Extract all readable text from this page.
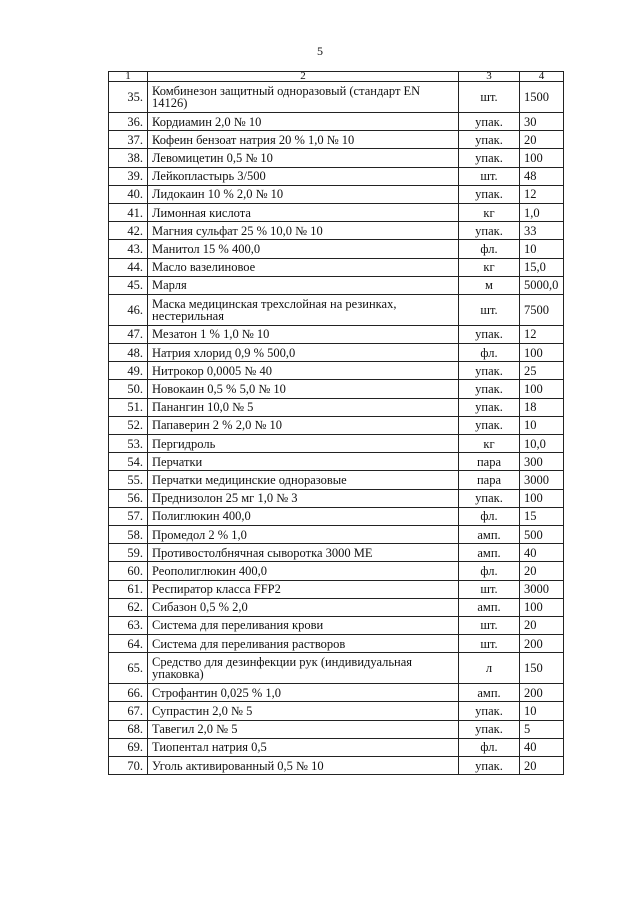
5
1	2	3	4
35.	Комбинезон защитный одноразовый (стандарт EN 14126)	шт.	1500
36.	Кордиамин 2,0 № 10	упак.	30
37.	Кофеин бензоат натрия 20 % 1,0 № 10	упак.	20
38.	Левомицетин 0,5 № 10	упак.	100
39.	Лейкопластырь 3/500	шт.	48
40.	Лидокаин 10 % 2,0 № 10	упак.	12
41.	Лимонная кислота	кг	1,0
42.	Магния сульфат 25 % 10,0 № 10	упак.	33
43.	Манитол 15 % 400,0	фл.	10
44.	Масло вазелиновое	кг	15,0
45.	Марля	м	5000,0
46.	Маска медицинская трехслойная на резинках, нестерильная	шт.	7500
47.	Мезатон 1 % 1,0 № 10	упак.	12
48.	Натрия хлорид 0,9 % 500,0	фл.	100
49.	Нитрокор 0,0005 № 40	упак.	25
50.	Новокаин 0,5 % 5,0 № 10	упак.	100
51.	Панангин 10,0 № 5	упак.	18
52.	Папаверин 2 % 2,0 № 10	упак.	10
53.	Пергидроль	кг	10,0
54.	Перчатки	пара	300
55.	Перчатки медицинские одноразовые	пара	3000
56.	Преднизолон 25 мг 1,0 № 3	упак.	100
57.	Полиглюкин 400,0	фл.	15
58.	Промедол 2 % 1,0	амп.	500
59.	Противостолбнячная сыворотка 3000 МЕ	амп.	40
60.	Реополиглюкин 400,0	фл.	20
61.	Респиратор класса FFP2	шт.	3000
62.	Сибазон 0,5 % 2,0	амп.	100
63.	Система для переливания крови	шт.	20
64.	Система для переливания растворов	шт.	200
65.	Средство для дезинфекции рук (индивидуальная упаковка)	л	150
66.	Строфантин 0,025 % 1,0	амп.	200
67.	Супрастин 2,0 № 5	упак.	10
68.	Тавегил 2,0 № 5	упак.	5
69.	Тиопентал натрия 0,5	фл.	40
70.	Уголь активированный 0,5 № 10	упак.	20
